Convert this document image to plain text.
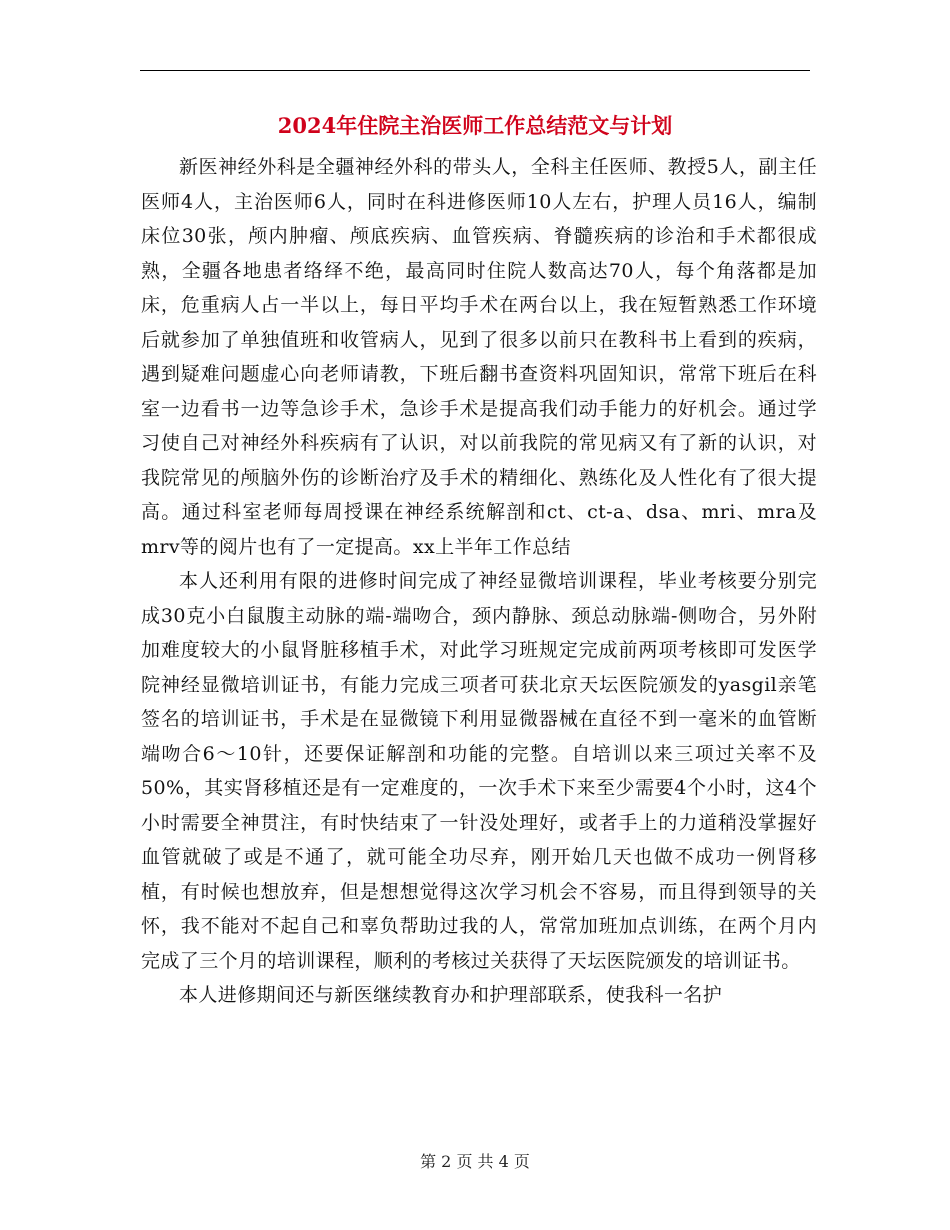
2024年住院主治医师工作总结范文与计划

新医神经外科是全疆神经外科的带头人，全科主任医师、教授5人，副主任医师4人，主治医师6人，同时在科进修医师10人左右，护理人员16人，编制床位30张，颅内肿瘤、颅底疾病、血管疾病、脊髓疾病的诊治和手术都很成熟，全疆各地患者络绎不绝，最高同时住院人数高达70人，每个角落都是加床，危重病人占一半以上，每日平均手术在两台以上，我在短暂熟悉工作环境后就参加了单独值班和收管病人，见到了很多以前只在教科书上看到的疾病，遇到疑难问题虚心向老师请教，下班后翻书查资料巩固知识，常常下班后在科室一边看书一边等急诊手术，急诊手术是提高我们动手能力的好机会。通过学习使自己对神经外科疾病有了认识，对以前我院的常见病又有了新的认识，对我院常见的颅脑外伤的诊断治疗及手术的精细化、熟练化及人性化有了很大提高。通过科室老师每周授课在神经系统解剖和ct、ct-a、dsa、mri、mra及mrv等的阅片也有了一定提高。xx上半年工作总结

本人还利用有限的进修时间完成了神经显微培训课程，毕业考核要分别完成30克小白鼠腹主动脉的端-端吻合，颈内静脉、颈总动脉端-侧吻合，另外附加难度较大的小鼠肾脏移植手术，对此学习班规定完成前两项考核即可发医学院神经显微培训证书，有能力完成三项者可获北京天坛医院颁发的yasgil亲笔签名的培训证书，手术是在显微镜下利用显微器械在直径不到一毫米的血管断端吻合6～10针，还要保证解剖和功能的完整。自培训以来三项过关率不及50%，其实肾移植还是有一定难度的，一次手术下来至少需要4个小时，这4个小时需要全神贯注，有时快结束了一针没处理好，或者手上的力道稍没掌握好血管就破了或是不通了，就可能全功尽弃，刚开始几天也做不成功一例肾移植，有时候也想放弃，但是想想觉得这次学习机会不容易，而且得到领导的关怀，我不能对不起自己和辜负帮助过我的人，常常加班加点训练，在两个月内完成了三个月的培训课程，顺利的考核过关获得了天坛医院颁发的培训证书。

本人进修期间还与新医继续教育办和护理部联系，使我科一名护

第 2 页 共 4 页
